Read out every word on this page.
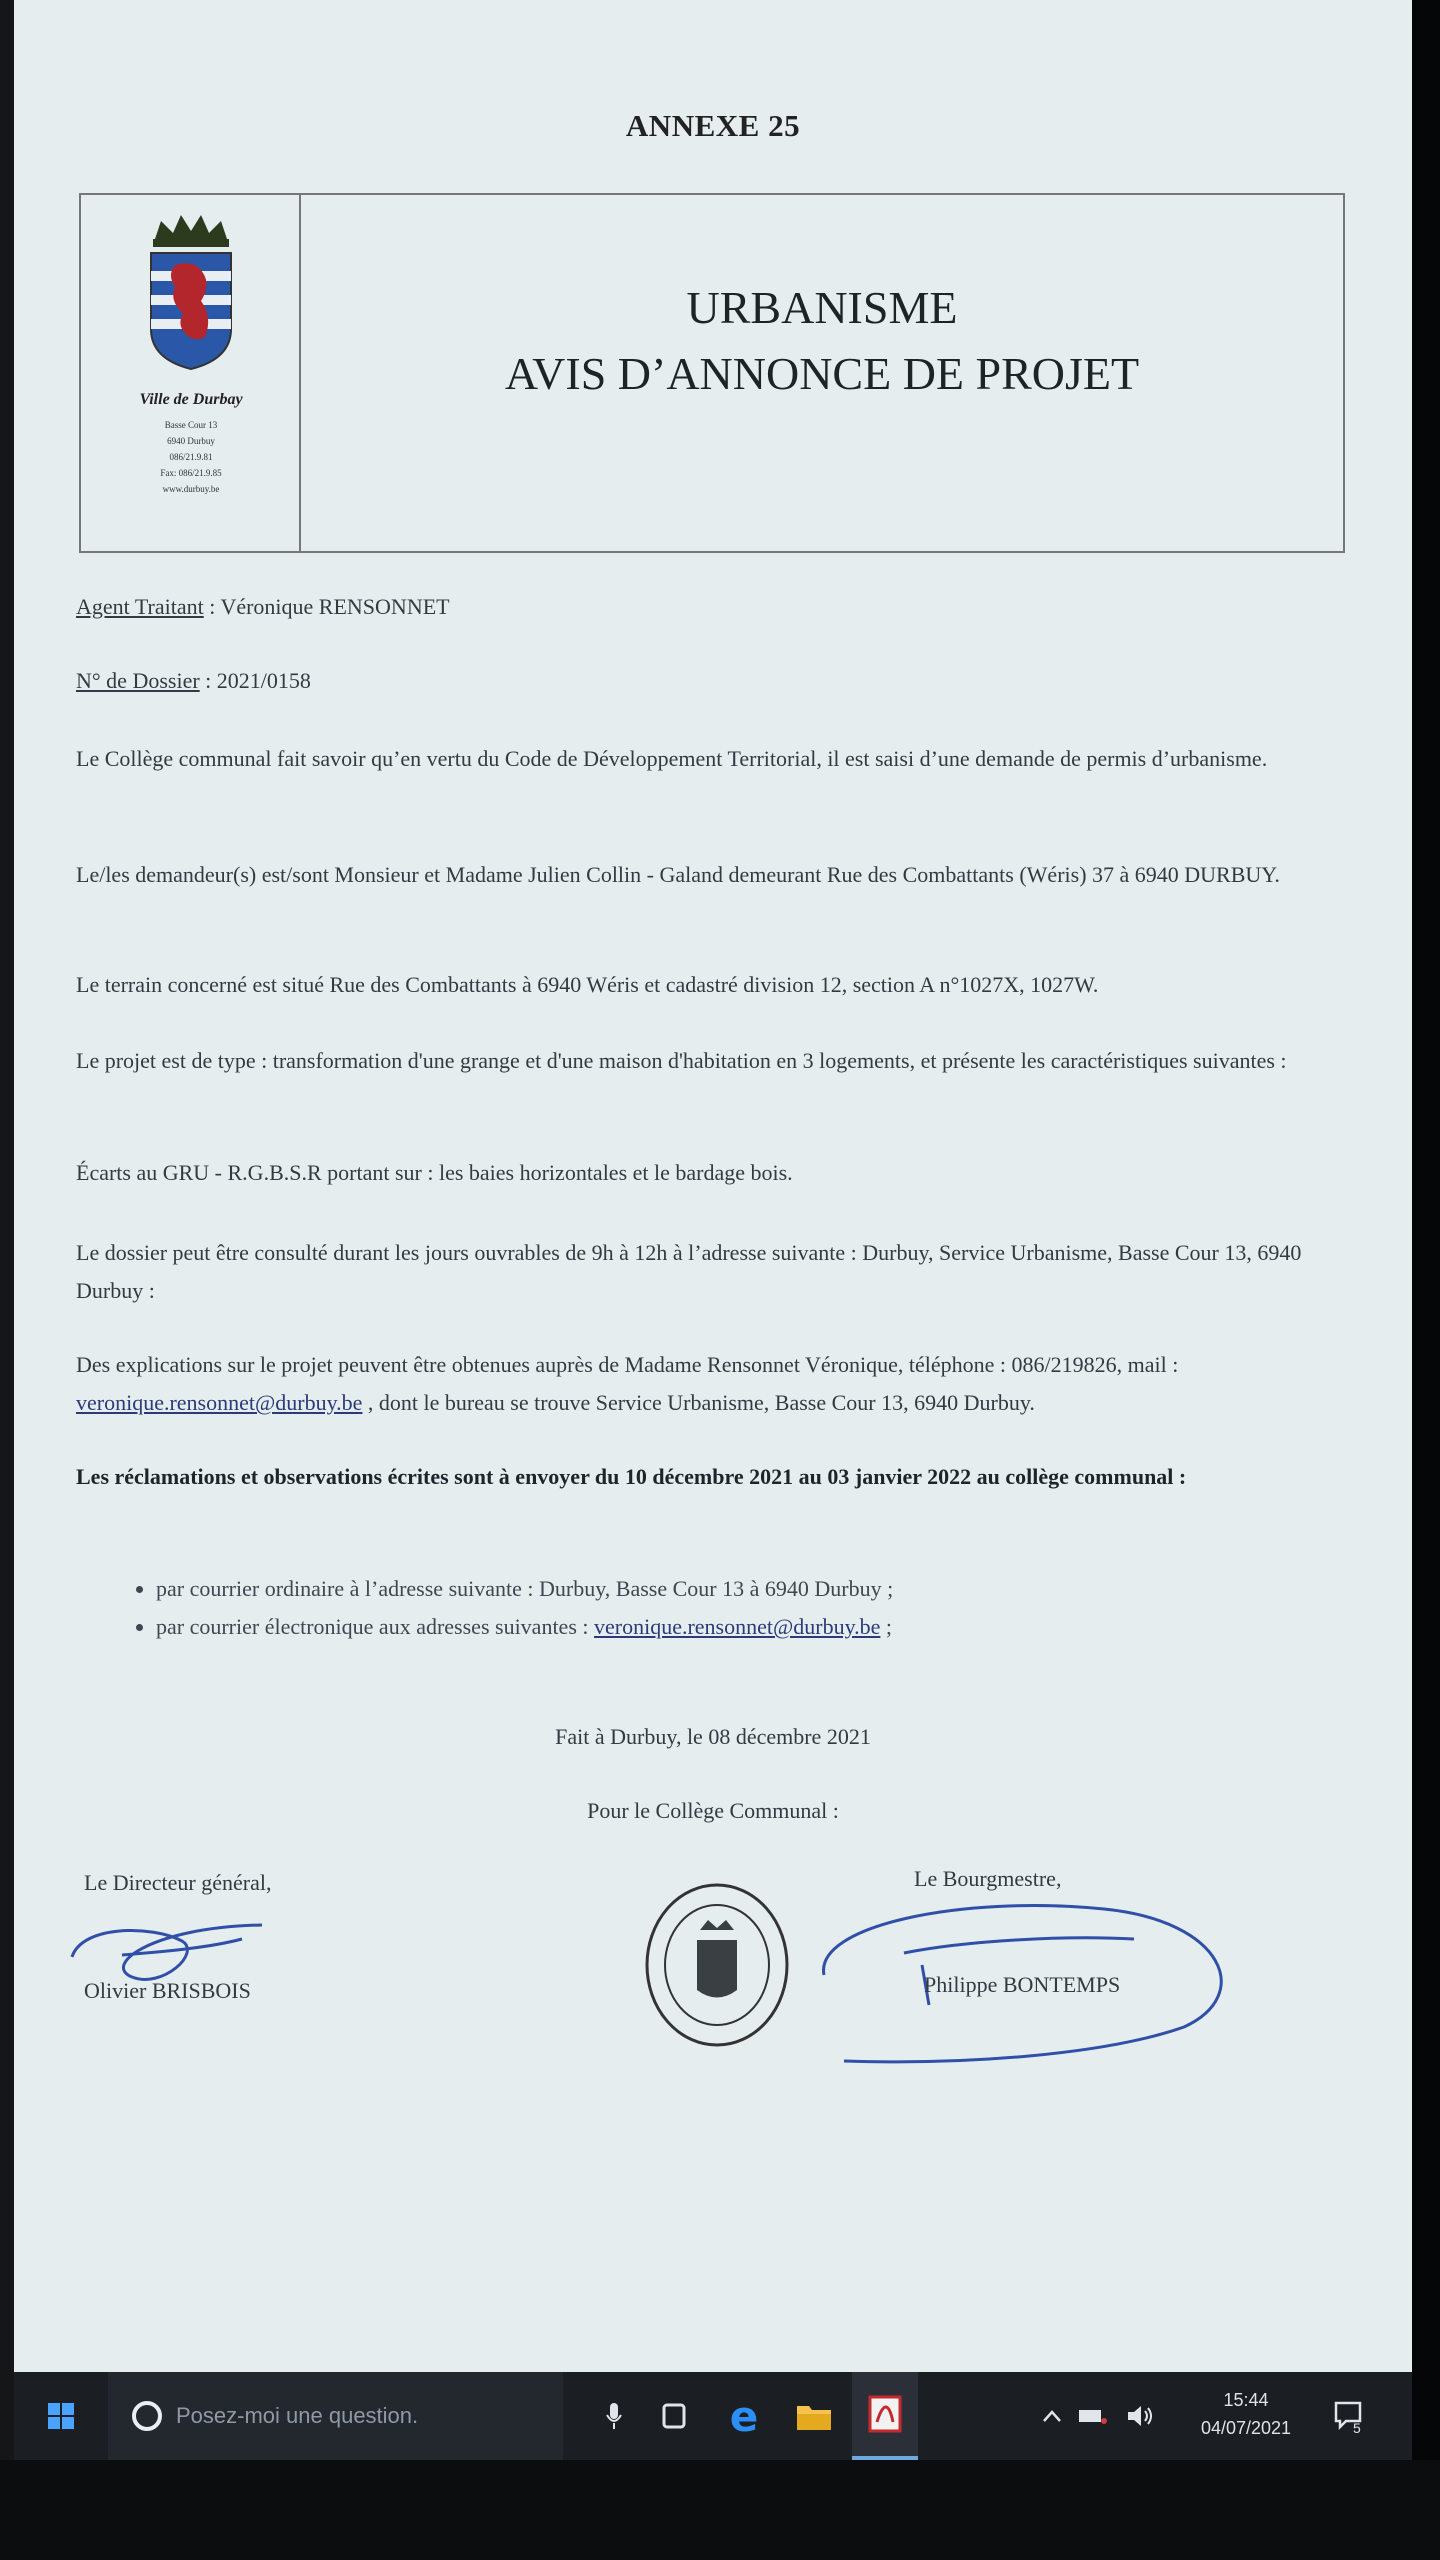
ANNEXE 25
Ville de Durbay
Basse Cour 13
6940 Durbuy
086/21.9.81
Fax: 086/21.9.85
www.durbuy.be
URBANISME
AVIS D’ANNONCE DE PROJET
Agent Traitant : Véronique RENSONNET
N° de Dossier : 2021/0158
Le Collège communal fait savoir qu’en vertu du Code de Développement Territorial, il est saisi d’une demande de permis d’urbanisme.
Le/les demandeur(s) est/sont Monsieur et Madame Julien Collin - Galand demeurant Rue des Combattants (Wéris) 37 à 6940 DURBUY.
Le terrain concerné est situé Rue des Combattants à 6940 Wéris et cadastré division 12, section A n°1027X, 1027W.
Le projet est de type : transformation d'une grange et d'une maison d'habitation en 3 logements, et présente les caractéristiques suivantes :
Écarts au GRU - R.G.B.S.R portant sur : les baies horizontales et le bardage bois.
Le dossier peut être consulté durant les jours ouvrables de 9h à 12h à l’adresse suivante : Durbuy, Service Urbanisme, Basse Cour 13, 6940 Durbuy :
Des explications sur le projet peuvent être obtenues auprès de Madame Rensonnet Véronique, téléphone : 086/219826, mail : veronique.rensonnet@durbuy.be , dont le bureau se trouve Service Urbanisme, Basse Cour 13, 6940 Durbuy.
Les réclamations et observations écrites sont à envoyer du 10 décembre 2021 au 03 janvier 2022 au collège communal :
• par courrier ordinaire à l’adresse suivante : Durbuy, Basse Cour 13 à 6940 Durbuy ;
• par courrier électronique aux adresses suivantes : veronique.rensonnet@durbuy.be ;
Fait à Durbuy, le 08 décembre 2021
Pour le Collège Communal :
Le Directeur général,
Olivier BRISBOIS
Le Bourgmestre,
Philippe BONTEMPS
Posez-moi une question.	e	15:44
04/07/2021	5
